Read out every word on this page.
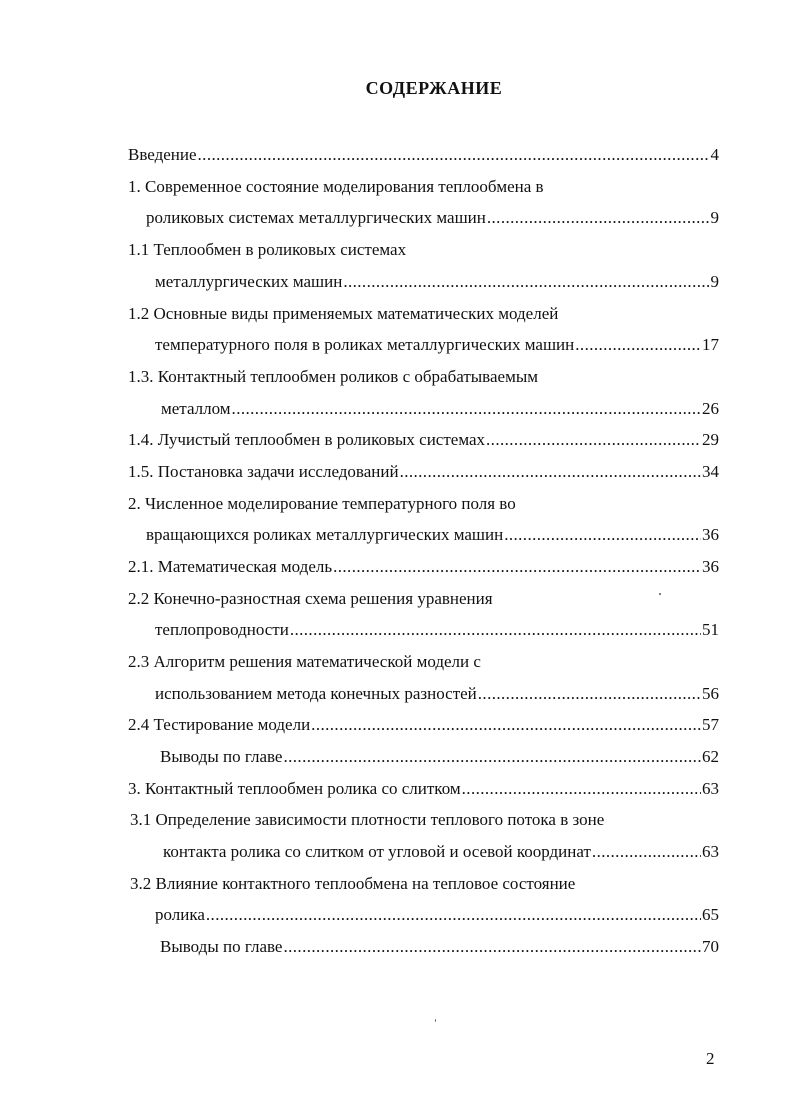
СОДЕРЖАНИЕ
Введение .....	4
1. Современное состояние моделирования теплообмена в
роликовых системах металлургических машин .....	9
1.1 Теплообмен в роликовых системах
металлургических машин .....	9
1.2 Основные виды применяемых математических моделей
температурного поля в роликах металлургических машин .....	17
1.3. Контактный теплообмен роликов с обрабатываемым
металлом .....	26
1.4. Лучистый теплообмен в роликовых системах .....	29
1.5. Постановка задачи исследований .....	34
2. Численное моделирование температурного поля во
вращающихся роликах металлургических машин .....	36
2.1. Математическая модель .....	36
2.2 Конечно-разностная схема решения уравнения
теплопроводности .....	51
2.3 Алгоритм решения математической модели с
использованием метода конечных разностей .....	56
2.4 Тестирование модели .....	57
Выводы по главе .....	62
3. Контактный теплообмен ролика со слитком .....	63
3.1 Определение зависимости плотности теплового потока в зоне
контакта ролика со слитком от угловой и осевой координат .....	63
3.2 Влияние контактного теплообмена на тепловое состояние
ролика .....	65
Выводы по главе .....	70
2
